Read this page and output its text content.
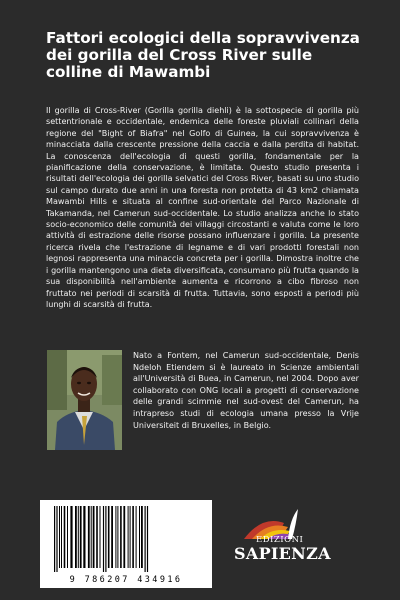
Fattori ecologici della sopravvivenza dei gorilla del Cross River sulle colline di Mawambi

Il gorilla di Cross-River (Gorilla gorilla diehli) è la sottospecie di gorilla più settentrionale e occidentale, endemica delle foreste pluviali collinari della regione del "Bight of Biafra" nel Golfo di Guinea, la cui sopravvivenza è minacciata dalla crescente pressione della caccia e dalla perdita di habitat. La conoscenza dell'ecologia di questi gorilla, fondamentale per la pianificazione della conservazione, è limitata. Questo studio presenta i risultati dell'ecologia dei gorilla selvatici del Cross River, basati su uno studio sul campo durato due anni in una foresta non protetta di 43 km2 chiamata Mawambi Hills e situata al confine sud-orientale del Parco Nazionale di Takamanda, nel Camerun sud-occidentale. Lo studio analizza anche lo stato socio-economico delle comunità dei villaggi circostanti e valuta come le loro attività di estrazione delle risorse possano influenzare i gorilla. La presente ricerca rivela che l'estrazione di legname e di vari prodotti forestali non legnosi rappresenta una minaccia concreta per i gorilla. Dimostra inoltre che i gorilla mantengono una dieta diversificata, consumano più frutta quando la sua disponibilità nell'ambiente aumenta e ricorrono a cibo fibroso non fruttato nei periodi di scarsità di frutta. Tuttavia, sono esposti a periodi più lunghi di scarsità di frutta.

Nato a Fontem, nel Camerun sud-occidentale, Denis Ndeloh Etiendem si è laureato in Scienze ambientali all'Università di Buea, in Camerun, nel 2004. Dopo aver collaborato con ONG locali a progetti di conservazione delle grandi scimmie nel sud-ovest del Camerun, ha intrapreso studi di ecologia umana presso la Vrije Universiteit di Bruxelles, in Belgio.

9 786207 434916
EDIZIONI
SAPIENZA
